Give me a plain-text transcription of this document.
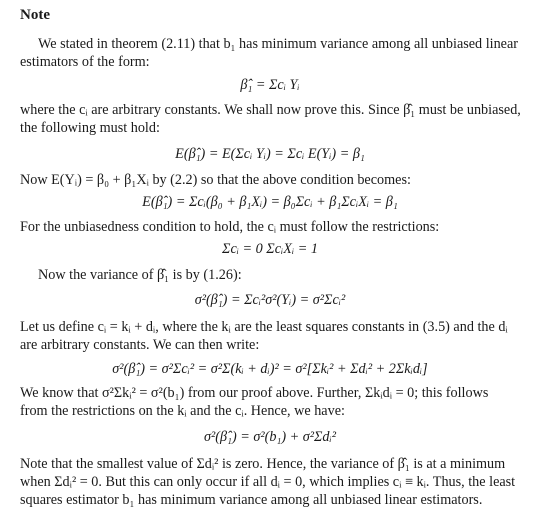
Note
We stated in theorem (2.11) that b₁ has minimum variance among all unbiased linear
estimators of the form:
β̂₁ = Σcᵢ Yᵢ
where the cᵢ are arbitrary constants. We shall now prove this. Since β̂₁ must be unbiased,
the following must hold:
E(β̂₁) = E(Σcᵢ Yᵢ) = Σcᵢ E(Yᵢ) = β₁
Now E(Yᵢ) = β₀ + β₁Xᵢ by (2.2) so that the above condition becomes:
E(β̂₁) = Σcᵢ(β₀ + β₁Xᵢ) = β₀Σcᵢ + β₁ΣcᵢXᵢ = β₁
For the unbiasedness condition to hold, the cᵢ must follow the restrictions:
Σcᵢ = 0 ΣcᵢXᵢ = 1
Now the variance of β̂₁ is by (1.26):
σ²(β̂₁) = Σcᵢ²σ²(Yᵢ) = σ²Σcᵢ²
Let us define cᵢ = kᵢ + dᵢ, where the kᵢ are the least squares constants in (3.5) and the dᵢ
are arbitrary constants. We can then write:
σ²(β̂₁) = σ²Σcᵢ² = σ²Σ(kᵢ + dᵢ)² = σ²[Σkᵢ² + Σdᵢ² + 2Σkᵢdᵢ]
We know that σ²Σkᵢ² = σ²(b₁) from our proof above. Further, Σkᵢdᵢ = 0; this follows
from the restrictions on the kᵢ and the cᵢ. Hence, we have:
σ²(β̂₁) = σ²(b₁) + σ²Σdᵢ²
Note that the smallest value of Σdᵢ² is zero. Hence, the variance of β̂₁ is at a minimum
when Σdᵢ² = 0. But this can only occur if all dᵢ = 0, which implies cᵢ ≡ kᵢ. Thus, the least
squares estimator b₁ has minimum variance among all unbiased linear estimators.
